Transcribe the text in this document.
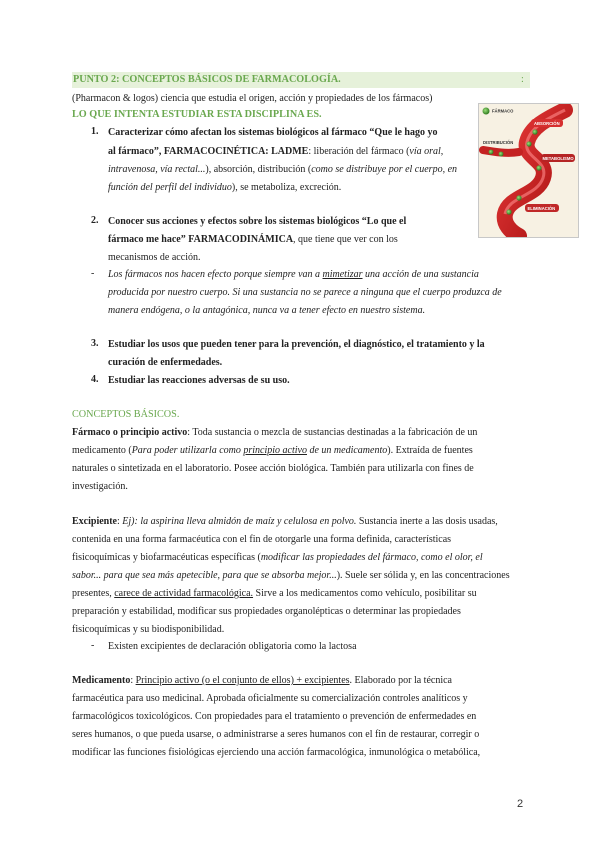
PUNTO 2: CONCEPTOS BÁSICOS DE FARMACOLOGÍA.	:
(Pharmacon & logos) ciencia que estudia el origen, acción y propiedades de los fármacos)
LO QUE INTENTA ESTUDIAR ESTA DISCIPLINA ES.	FÁRMACO
ABSORCIÓN
DISTRIBUCIÓN
METABOLISMO
ELIMINACIÓN
1. Caracterizar cómo afectan los sistemas biológicos al fármaco “Que le hago yo
al fármaco”, FARMACOCINÉTICA: LADME: liberación del fármaco (vía oral,
intravenosa, vía rectal...), absorción, distribución (como se distribuye por el cuerpo, en
función del perfil del individuo), se metaboliza, excreción.
2. Conocer sus acciones y efectos sobre los sistemas biológicos “Lo que el
fármaco me hace” FARMACODINÁMICA, que tiene que ver con los
mecanismos de acción.
- Los fármacos nos hacen efecto porque siempre van a mimetizar una acción de una sustancia
producida por nuestro cuerpo. Si una sustancia no se parece a ninguna que el cuerpo produzca de
manera endógena, o la antagónica, nunca va a tener efecto en nuestro sistema.
3. Estudiar los usos que pueden tener para la prevención, el diagnóstico, el tratamiento y la
curación de enfermedades.
4. Estudiar las reacciones adversas de su uso.
CONCEPTOS BÁSICOS.
Fármaco o principio activo: Toda sustancia o mezcla de sustancias destinadas a la fabricación de un
medicamento (Para poder utilizarla como principio activo de un medicamento). Extraída de fuentes
naturales o sintetizada en el laboratorio. Posee acción biológica. También para utilizarla con fines de
investigación.
Excipiente: Ej): la aspirina lleva almidón de maíz y celulosa en polvo. Sustancia inerte a las dosis usadas,
contenida en una forma farmacéutica con el fin de otorgarle una forma definida, características
fisicoquímicas y biofarmacéuticas específicas (modificar las propiedades del fármaco, como el olor, el
sabor... para que sea más apetecible, para que se absorba mejor...). Suele ser sólida y, en las concentraciones
presentes, carece de actividad farmacológica. Sirve a los medicamentos como vehículo, posibilitar su
preparación y estabilidad, modificar sus propiedades organolépticas o determinar las propiedades
fisicoquímicas y su biodisponibilidad.
- Existen excipientes de declaración obligatoria como la lactosa
Medicamento: Principio activo (o el conjunto de ellos) + excipientes. Elaborado por la técnica
farmacéutica para uso medicinal. Aprobada oficialmente su comercialización controles analíticos y
farmacológicos toxicológicos. Con propiedades para el tratamiento o prevención de enfermedades en
seres humanos, o que pueda usarse, o administrarse a seres humanos con el fin de restaurar, corregir o
modificar las funciones fisiológicas ejerciendo una acción farmacológica, inmunológica o metabólica,
2
